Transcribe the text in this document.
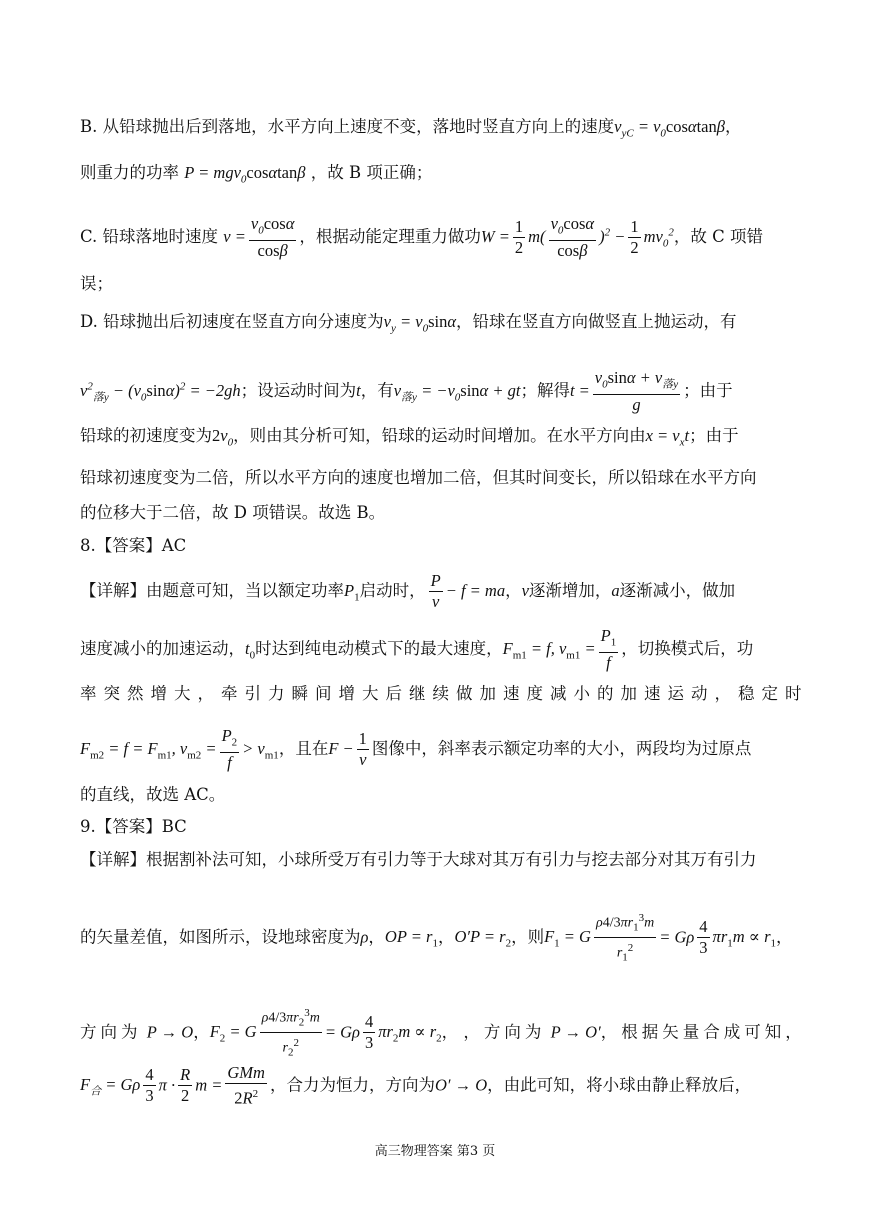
B. 从铅球抛出后到落地，水平方向上速度不变，落地时竖直方向上的速度$v_{yC} = v_0\cos\alpha\tan\beta$，
则重力的功率 P = mgv$_0$cosαtanβ ，故 B 项正确；
C. 铅球落地时速度 $v = \frac{v_0\cos\alpha}{\cos\beta}$ ，根据动能定理重力做功$W = \frac{1}{2} m( \frac{v_0\cos\alpha}{\cos\beta} )^2 - \frac{1}{2} mv_0^2$，故 C 项错
误；
D. 铅球抛出后初速度在竖直方向分速度为$v_y = v_0\sin\alpha$，铅球在竖直方向做竖直上抛运动，有
$v^2_{落y} - (v_0\sin\alpha)^2 = -2gh$；设运动时间为t，有$v_{落y} = -v_0\sin\alpha$ + gt；解得$t = \frac{v_0\sin\alpha + v_{落y}}{g}$ ；由于
铅球的初速度变为$2v_0$，则由其分析可知，铅球的运动时间增加。在水平方向由$x = v_xt$；由于
铅球初速度变为二倍，所以水平方向的速度也增加二倍，但其时间变长，所以铅球在水平方向
的位移大于二倍，故 D 项错误。故选 B。
8.【答案】AC
【详解】由题意可知，当以额定功率$P_1$启动时， $\frac{P}{v} - f$ = ma，v逐渐增加，a逐渐减小，做加
速度减小的加速运动，$t_0$时达到纯电动模式下的最大速度，$F_{m1} = f$, $v_{m1} = \frac{P_1}{f}$ ，切换模式后，功
率突然增大，牵引力瞬间增大后继续做加速度减小的加速运动，稳定时
$F_{m2} = f = F_{m1}$, $v_{m2} = \frac{P_2}{f} > v_{m1}$，且在$F - \frac{1}{v}$ 图像中，斜率表示额定功率的大小，两段均为过原点
的直线，故选 AC。
9.【答案】BC
【详解】根据割补法可知，小球所受万有引力等于大球对其万有引力与挖去部分对其万有引力
的矢量差值，如图所示，设地球密度为ρ，OP = $r_1$，$O'P = r_2$，则$F_1 = G \frac{\rho 4/3\pi r_1^3m}{r_1^2} = G\rho \frac{4}{3} \pi r_1m \propto r_1$，
方向为 P → O，$F_2 = G \frac{\rho 4/3\pi r_2^3m}{r_2^2} = G\rho \frac{4}{3} \pi r_2m \propto r_2$， ，方向为 P → O′，根据矢量合成可知，
$F_合 = G\rho \frac{4}{3}$ $\pi \cdot \frac{R}{2}$ $m = \frac{\text{GMm}}{2R^2}$ ，合力为恒力，方向为O′ → O，由此可知，将小球由静止释放后，
高三物理答案 第3 页
